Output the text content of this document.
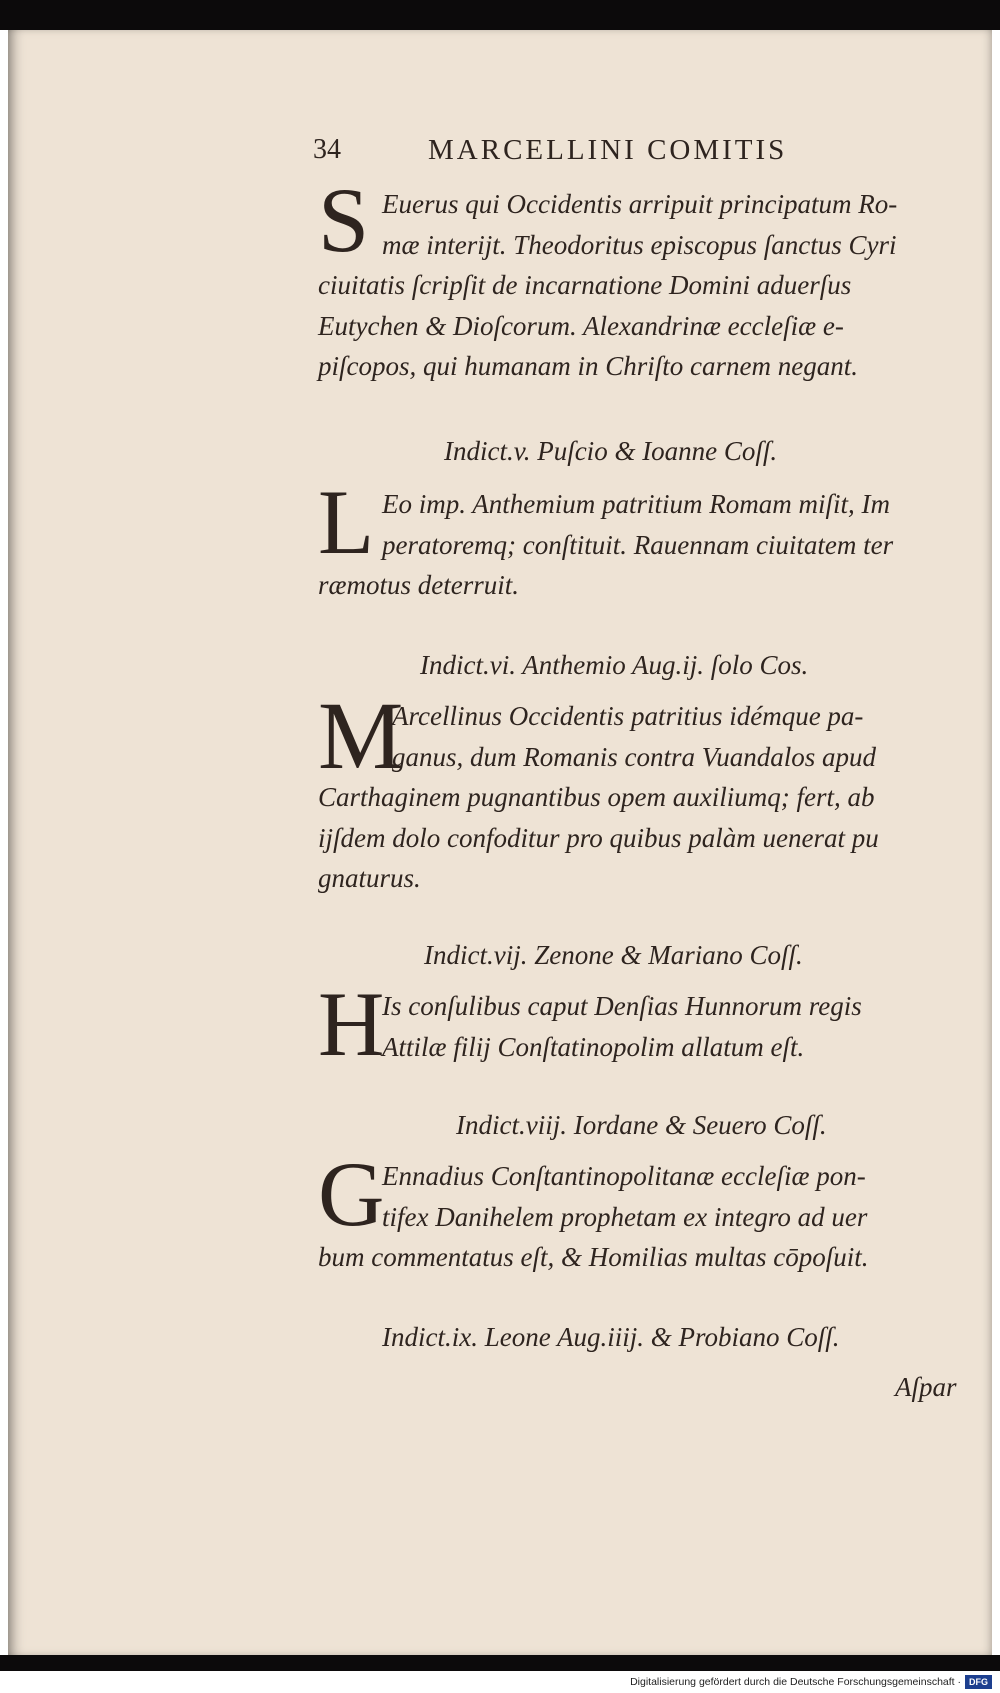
34	MARCELLINI COMITIS
S Euerus qui Occidentis arripuit principatum Ro-
mæ interijt. Theodoritus episcopus ſanctus Cyri
ciuitatis ſcripſit de incarnatione Domini aduerſus
Eutychen & Dioſcorum. Alexandrinæ eccleſiæ e-
piſcopos, qui humanam in Chriſto carnem negant.
Indict.v. Puſcio & Ioanne Coſſ.
L Eo imp. Anthemium patritium Romam miſit, Im
peratoremq; conſtituit. Rauennam ciuitatem ter
ræmotus deterruit.
Indict.vi. Anthemio Aug.ij. ſolo Cos.
M
Arcellinus Occidentis patritius idémque pa-
ganus, dum Romanis contra Vuandalos apud
Carthaginem pugnantibus opem auxiliumq; fert, ab
ijſdem dolo confoditur pro quibus palàm uenerat pu
gnaturus.
Indict.vij. Zenone & Mariano Coſſ.
H
Is conſulibus caput Denſias Hunnorum regis
Attilæ filij Conſtatinopolim allatum eſt.
Indict.viij. Iordane & Seuero Coſſ.
G
Ennadius Conſtantinopolitanæ eccleſiæ pon-
tifex Danihelem prophetam ex integro ad uer
bum commentatus eſt, & Homilias multas cōpoſuit.
Indict.ix. Leone Aug.iiij. & Probiano Coſſ.
Aſpar
Digitalisierung gefördert durch die Deutsche Forschungsgemeinschaft · DFG
